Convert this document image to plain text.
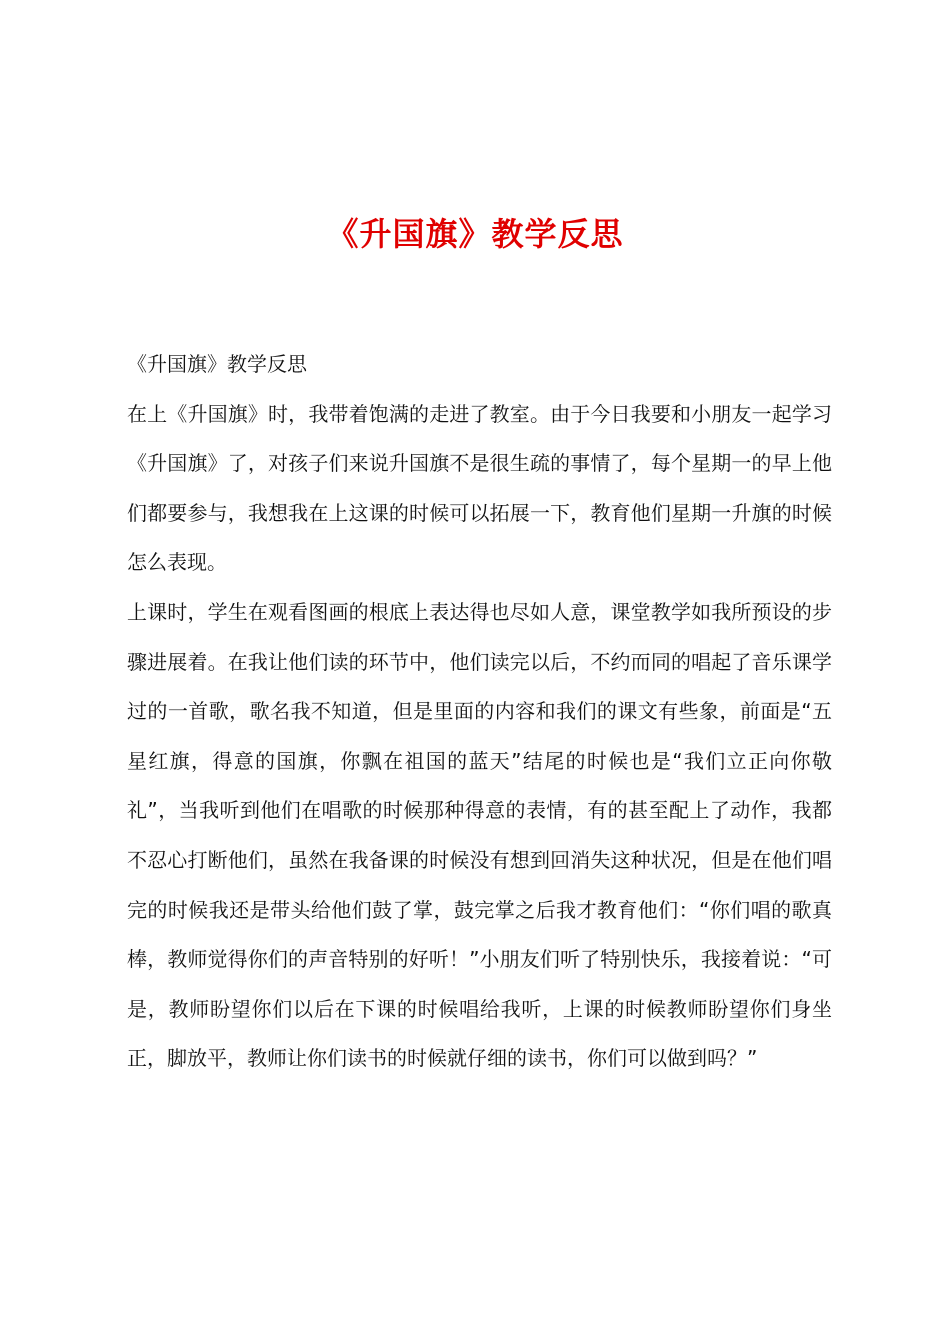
《升国旗》教学反思

《升国旗》教学反思

在上《升国旗》时，我带着饱满的走进了教室。由于今日我要和小朋友一起学习《升国旗》了，对孩子们来说升国旗不是很生疏的事情了，每个星期一的早上他们都要参与，我想我在上这课的时候可以拓展一下，教育他们星期一升旗的时候怎么表现。

上课时，学生在观看图画的根底上表达得也尽如人意，课堂教学如我所预设的步骤进展着。在我让他们读的环节中，他们读完以后，不约而同的唱起了音乐课学过的一首歌，歌名我不知道，但是里面的内容和我们的课文有些象，前面是“五星红旗，得意的国旗，你飘在祖国的蓝天”结尾的时候也是“我们立正向你敬礼”，当我听到他们在唱歌的时候那种得意的表情，有的甚至配上了动作，我都不忍心打断他们，虽然在我备课的时候没有想到回消失这种状况，但是在他们唱完的时候我还是带头给他们鼓了掌，鼓完掌之后我才教育他们：“你们唱的歌真棒，教师觉得你们的声音特别的好听！”小朋友们听了特别快乐，我接着说：“可是，教师盼望你们以后在下课的时候唱给我听，上课的时候教师盼望你们身坐正，脚放平，教师让你们读书的时候就仔细的读书，你们可以做到吗？”
